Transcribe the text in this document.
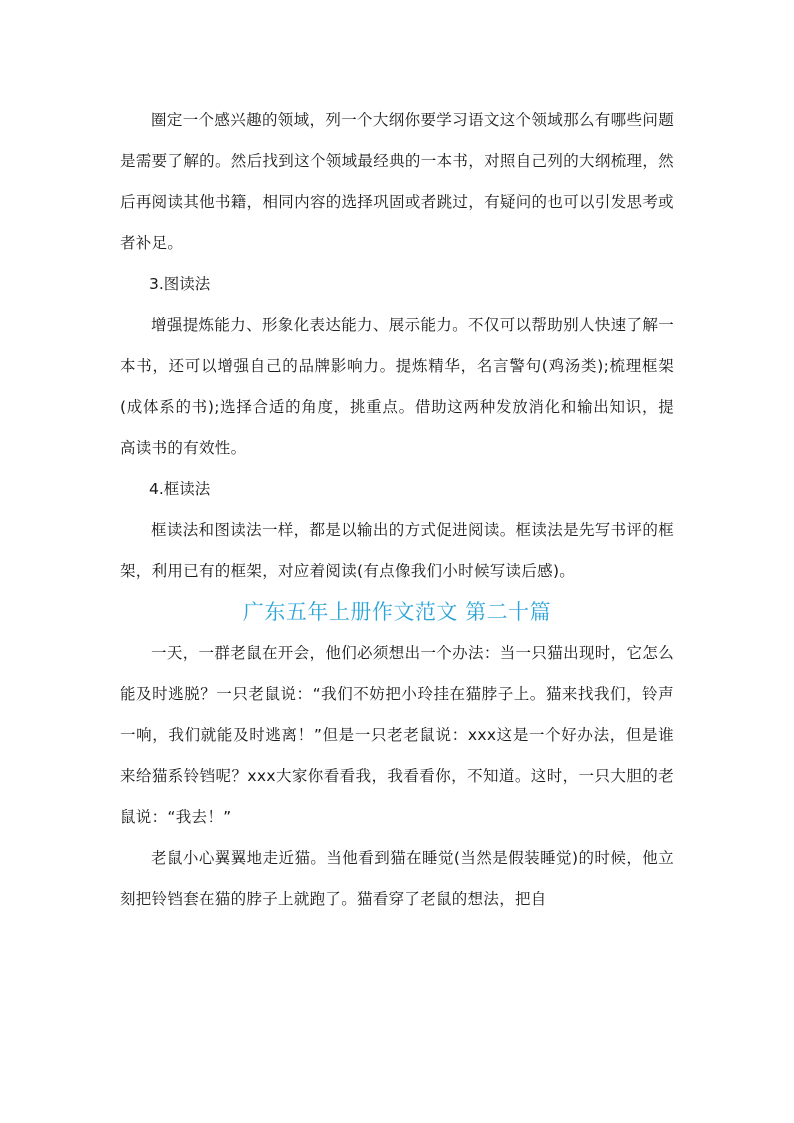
圈定一个感兴趣的领域，列一个大纲你要学习语文这个领域那么有哪些问题是需要了解的。然后找到这个领域最经典的一本书，对照自己列的大纲梳理，然后再阅读其他书籍，相同内容的选择巩固或者跳过，有疑问的也可以引发思考或者补足。

3.图读法

增强提炼能力、形象化表达能力、展示能力。不仅可以帮助别人快速了解一本书，还可以增强自己的品牌影响力。提炼精华，名言警句(鸡汤类);梳理框架(成体系的书);选择合适的角度，挑重点。借助这两种发放消化和输出知识，提高读书的有效性。

4.框读法

框读法和图读法一样，都是以输出的方式促进阅读。框读法是先写书评的框架，利用已有的框架，对应着阅读(有点像我们小时候写读后感)。

广东五年上册作文范文 第二十篇

一天，一群老鼠在开会，他们必须想出一个办法：当一只猫出现时，它怎么能及时逃脱？一只老鼠说：“我们不妨把小玲挂在猫脖子上。猫来找我们，铃声一响，我们就能及时逃离！”但是一只老老鼠说：xxx这是一个好办法，但是谁来给猫系铃铛呢？xxx大家你看看我，我看看你，不知道。这时，一只大胆的老鼠说：“我去！”

老鼠小心翼翼地走近猫。当他看到猫在睡觉(当然是假装睡觉)的时候，他立刻把铃铛套在猫的脖子上就跑了。猫看穿了老鼠的想法，把自
